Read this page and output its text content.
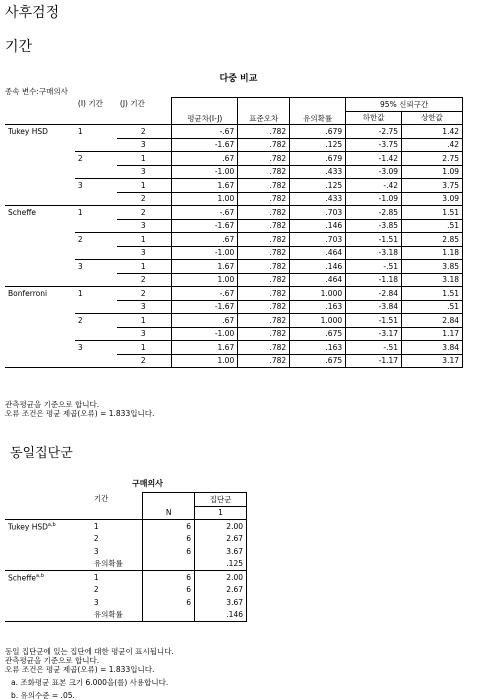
사후검정
기간
다중 비교
종속 변수:구매의사
	(I) 기간	(J) 기간	평균차(I-J)	표준오차	유의확률	95% 신뢰구간	
						하한값	상한값
Tukey HSD	1	2	-.67	.782	.679	-2.75	1.42
		3	-1.67	.782	.125	-3.75	.42
	2	1	.67	.782	.679	-1.42	2.75
		3	-1.00	.782	.433	-3.09	1.09
	3	1	1.67	.782	.125	-.42	3.75
		2	1.00	.782	.433	-1.09	3.09
Scheffe	1	2	-.67	.782	.703	-2.85	1.51
		3	-1.67	.782	.146	-3.85	.51
	2	1	.67	.782	.703	-1.51	2.85
		3	-1.00	.782	.464	-3.18	1.18
	3	1	1.67	.782	.146	-.51	3.85
		2	1.00	.782	.464	-1.18	3.18
Bonferroni	1	2	-.67	.782	1.000	-2.84	1.51
		3	-1.67	.782	.163	-3.84	.51
	2	1	.67	.782	1.000	-1.51	2.84
		3	-1.00	.782	.675	-3.17	1.17
	3	1	1.67	.782	.163	-.51	3.84
		2	1.00	.782	.675	-1.17	3.17
관측평균을 기준으로 합니다.
오류 조건은 평균 제곱(오류) = 1.833입니다.
동일집단군
구매의사
	기간		집단군
		N	1
Tukey HSD$^{a,b}$	1	6	2.00
	2	6	2.67
	3	6	3.67
	유의확률		.125
Scheffe$^{a,b}$	1	6	2.00
	2	6	2.67
	3	6	3.67
	유의확률		.146
동일 집단군에 있는 집단에 대한 평균이 표시됩니다.
관측평균을 기준으로 합니다.
오류 조건은 평균 제곱(오류) = 1.833입니다.
a. 조화평균 표본 크기 6.000을(를) 사용합니다.
b. 유의수준 = .05.
